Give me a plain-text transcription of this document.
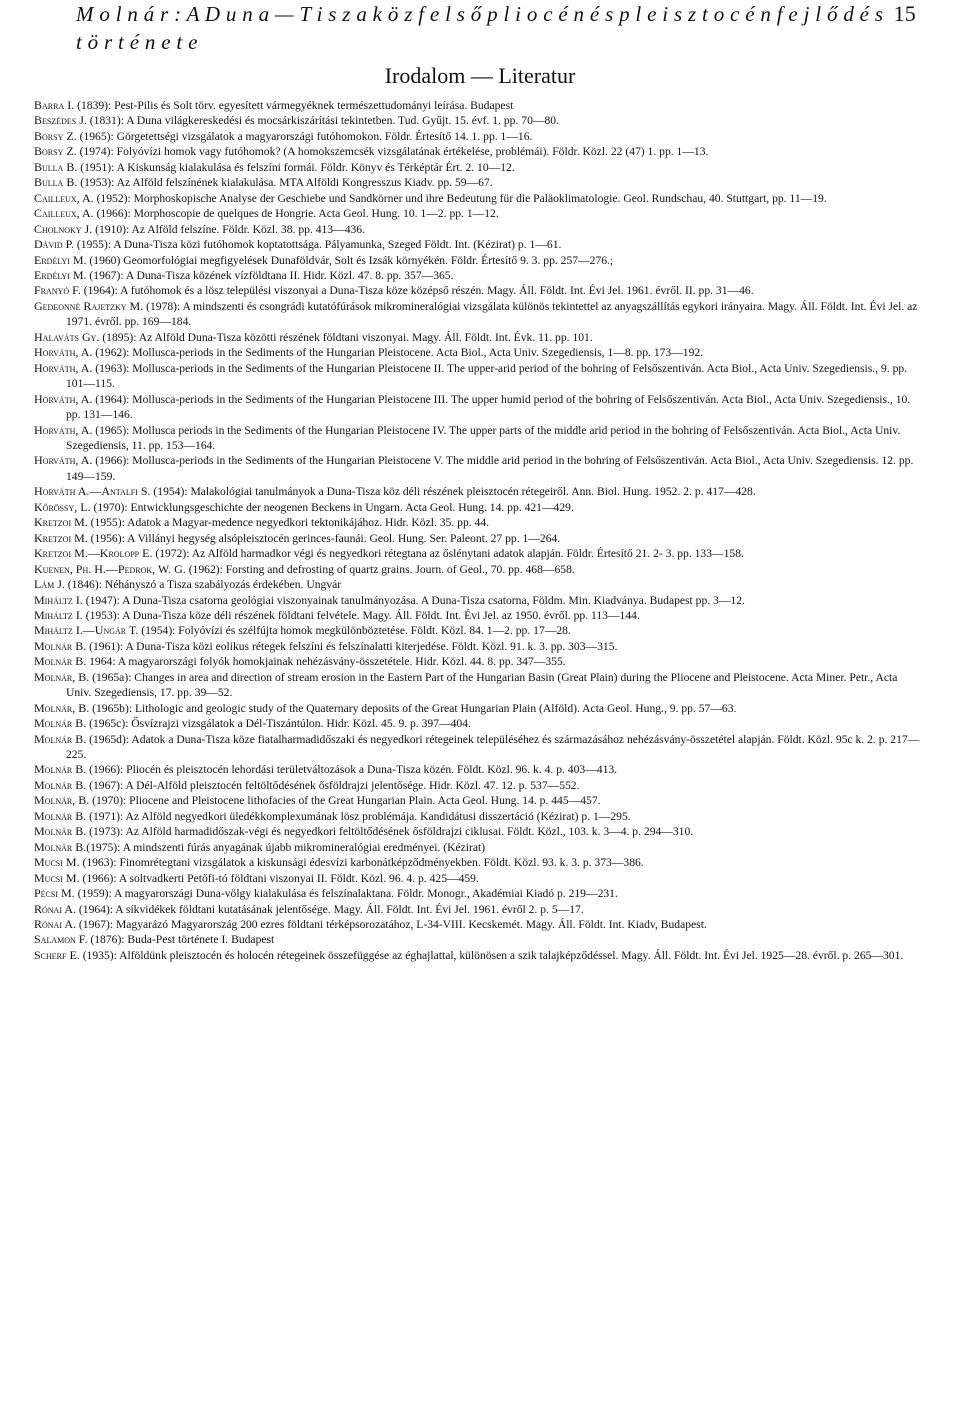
M o l n á r : A D u n a — T i s z a k ö z f e l s ő p l i o c é n é s p l e i s z t o c é n f e j l ő d é s t ö r t é n e t e
15
Irodalom — Literatur
Barra I. (1839): Pest-Pilis és Solt törv. egyesített vármegyéknek természettudományi leírása. Budapest
Beszédes J. (1831): A Duna világkereskedési és mocsárkiszárítási tekintetben. Tud. Gyűjt. 15. évf. 1. pp. 70—80.
Borsy Z. (1965): Görgetettségi vizsgálatok a magyarországi futóhomokon. Földr. Értesítő 14. 1. pp. 1—16.
Borsy Z. (1974): Folyóvízi homok vagy futóhomok? (A homokszemcsék vizsgálatának értékelése, problémái). Földr. Közl. 22 (47) 1. pp. 1—13.
Bulla B. (1951): A Kiskunság kialakulása és felszíni formái. Földr. Könyv és Térképtár Ért. 2. 10—12.
Bulla B. (1953): Az Alföld felszínének kialakulása. MTA Alföldi Kongresszus Kiadv. pp. 59—67.
Cailleux, A. (1952): Morphoskopische Analyse der Geschiebe und Sandkörner und ihre Bedeutung für die Paläoklimatologie. Geol. Rundschau, 40. Stuttgart, pp. 11—19.
Cailleux, A. (1966): Morphoscopie de quelques de Hongrie. Acta Geol. Hung. 10. 1—2. pp. 1—12.
Cholnoky J. (1910): Az Alföld felszíne. Földr. Közl. 38. pp. 413—436.
Dávid P. (1955): A Duna-Tisza közi futóhomok koptatottsága. Pályamunka, Szeged Földt. Int. (Kézirat) p. 1—61.
Erdélyi M. (1960) Geomorfológiai megfigyelések Dunaföldvár, Solt és Izsák környékén. Földr. Értesítő 9. 3. pp. 257—276.;
Erdélyi M. (1967): A Duna-Tisza közének vízföldtana II. Hidr. Közl. 47. 8. pp. 357—365.
Franyó F. (1964): A futóhomok és a lösz települési viszonyai a Duna-Tisza köze középső részén. Magy. Áll. Földt. Int. Évi Jel. 1961. évről. II. pp. 31—46.
Gedeonné Rajetzky M. (1978): A mindszenti és csongrádi kutatófúrások mikromineralógiai vizsgálata különös tekintettel az anyagszállítás egykori irányaira. Magy. Áll. Földt. Int. Évi Jel. az 1971. évről. pp. 169—184.
Halaváts Gy. (1895): Az Alföld Duna-Tisza közötti részének földtani viszonyai. Magy. Áll. Földt. Int. Évk. 11. pp. 101.
Horváth, A. (1962): Mollusca-periods in the Sediments of the Hungarian Pleistocene. Acta Biol., Acta Univ. Szegediensis, 1—8. pp. 173—192.
Horváth, A. (1963): Mollusca-periods in the Sediments of the Hungarian Pleistocene II. The upper-arid period of the bohring of Felsőszentiván. Acta Biol., Acta Univ. Szegediensis., 9. pp. 101—115.
Horváth, A. (1964): Mollusca-periods in the Sediments of the Hungarian Pleistocene III. The upper humid period of the bohring of Felsőszentiván. Acta Biol., Acta Univ. Szegediensis., 10. pp. 131—146.
Horváth, A. (1965): Mollusca periods in the Sediments of the Hungarian Pleistocene IV. The upper parts of the middle arid period in the bohring of Felsőszentiván. Acta Biol., Acta Univ. Szegediensis, 11. pp. 153—164.
Horváth, A. (1966): Mollusca-periods in the Sediments of the Hungarian Pleistocene V. The middle arid period in the bohring of Felsőszentiván. Acta Biol., Acta Univ. Szegediensis. 12. pp. 149—159.
Horváth A.—Antalfi S. (1954): Malakológiai tanulmányok a Duna-Tisza köz déli részének pleisztocén rétegeiről. Ann. Biol. Hung. 1952. 2. p. 417—428.
Kőrössy, L. (1970): Entwicklungsgeschichte der neogenen Beckens in Ungarn. Acta Geol. Hung. 14. pp. 421—429.
Kretzoi M. (1955): Adatok a Magyar-medence negyedkori tektonikájához. Hidr. Közl. 35. pp. 44.
Kretzoi M. (1956): A Villányi hegység alsópleisztocén gerinces-faunái. Geol. Hung. Ser. Paleont. 27 pp. 1—264.
Kretzoi M.—Krolopp E. (1972): Az Alföld harmadkor végi és negyedkori rétegtana az őslénytani adatok alapján. Földr. Értesítő 21. 2- 3. pp. 133—158.
Kuenen, Ph. H.—Pedrok, W. G. (1962): Forsting and defrosting of quartz grains. Journ. of Geol., 70. pp. 468—658.
Lám J. (1846): Néhányszó a Tisza szabályozás érdekében. Ungvár
Miháltz I. (1947): A Duna-Tisza csatorna geológiai viszonyainak tanulmányozása. A Duna-Tisza csatorna, Földm. Min. Kiadványa. Budapest pp. 3—12.
Miháltz I. (1953): A Duna-Tisza köze déli részének földtani felvétele. Magy. Áll. Földt. Int. Évi Jel. az 1950. évről. pp. 113—144.
Miháltz I.—Ungár T. (1954): Folyóvízi és szélfújta homok megkülönböztetése. Földt. Közl. 84. 1—2. pp. 17—28.
Molnár B. (1961): A Duna-Tisza közi eolikus rétegek felszíni és felszínalatti kiterjedése. Földt. Közl. 91. k. 3. pp. 303—315.
Molnár B. 1964: A magyarországi folyók homokjainak nehézásvány-összetétele. Hidr. Közl. 44. 8. pp. 347—355.
Molnár, B. (1965a): Changes in area and direction of stream erosion in the Eastern Part of the Hungarian Basin (Great Plain) during the Pliocene and Pleistocene. Acta Miner. Petr., Acta Univ. Szegediensis, 17. pp. 39—52.
Molnár, B. (1965b): Lithologic and geologic study of the Quaternary deposits of the Great Hungarian Plain (Alföld). Acta Geol. Hung., 9. pp. 57—63.
Molnár B. (1965c): Ősvízrajzi vizsgálatok a Dél-Tiszántúlon. Hidr. Közl. 45. 9. p. 397—404.
Molnár B. (1965d): Adatok a Duna-Tisza köze fiatalharmadidőszaki és negyedkori rétegeinek településéhez és származásához nehézásvány-összetétel alapján. Földt. Közl. 95c k. 2. p. 217—225.
Molnár B. (1966): Pliocén és pleisztocén lehordási területváltozások a Duna-Tisza közén. Földt. Közl. 96. k. 4. p. 403—413.
Molnár B. (1967): A Dél-Alföld pleisztocén feltöltődésének ősföldrajzi jelentősége. Hidr. Közl. 47. 12. p. 537—552.
Molnár, B. (1970): Pliocene and Pleistocene lithofacies of the Great Hungarian Plain. Acta Geol. Hung. 14. p. 445—457.
Molnár B. (1971): Az Alföld negyedkori üledékkomplexumának lösz problémája. Kandidátusi disszertáció (Kézirat) p. 1—295.
Molnár B. (1973): Az Alföld harmadidőszak-végi és negyedkori feltöltődésének ősföldrajzi ciklusai. Földt. Közl., 103. k. 3—4. p. 294—310.
Molnár B.(1975): A mindszenti fúrás anyagának újabb mikromineralógiai eredményei. (Kézirat)
Mucsi M. (1963): Finomrétegtani vizsgálatok a kiskunsági édesvízi karbonátképződményekben. Földt. Közl. 93. k. 3. p. 373—386.
Mucsi M. (1966): A soltvadkerti Petőfi-tó földtani viszonyai II. Földt. Közl. 96. 4. p. 425—459.
Pécsi M. (1959): A magyarországi Duna-völgy kialakulása és felszínalaktana. Földr. Monogr., Akadémiai Kiadó p. 219—231.
Rónai A. (1964): A síkvidékek földtani kutatásának jelentősége. Magy. Áll. Földt. Int. Évi Jel. 1961. évről 2. p. 5—17.
Rónai A. (1967): Magyarázó Magyarország 200 ezres földtani térképsorozatához, L-34-VIII. Kecskemét. Magy. Áll. Földt. Int. Kiadv, Budapest.
Salamon F. (1876): Buda-Pest története I. Budapest
Scherf E. (1935): Alföldünk pleisztocén és holocén rétegeinek összefüggése az éghajlattal, különösen a szik talajképződéssel. Magy. Áll. Földt. Int. Évi Jel. 1925—28. évről. p. 265—301.
